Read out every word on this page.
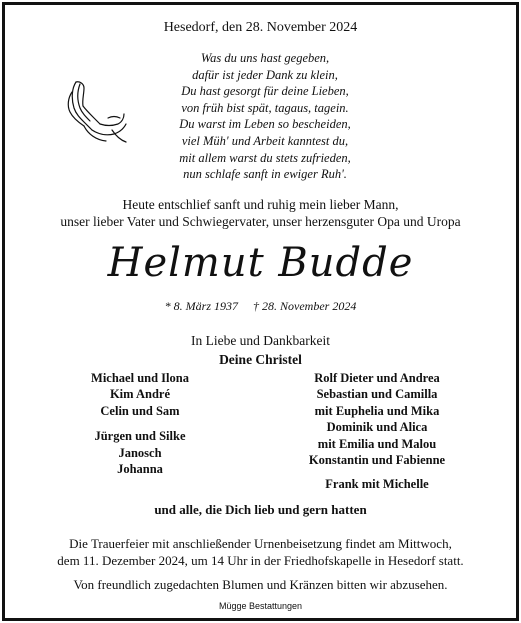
Hesedorf, den 28. November 2024
Was du uns hast gegeben,
dafür ist jeder Dank zu klein,
Du hast gesorgt für deine Lieben,
von früh bist spät, tagaus, tagein.
Du warst im Leben so bescheiden,
viel Müh' und Arbeit kanntest du,
mit allem warst du stets zufrieden,
nun schlafe sanft in ewiger Ruh'.
Heute entschlief sanft und ruhig mein lieber Mann,
unser lieber Vater und Schwiegervater, unser herzensguter Opa und Uropa
Helmut Budde
* 8. März 1937 † 28. November 2024
In Liebe und Dankbarkeit
Deine Christel
Michael und Ilona
Kim André
Celin und Sam
Jürgen und Silke
Janosch
Johanna
Rolf Dieter und Andrea
Sebastian und Camilla
mit Euphelia und Mika
Dominik und Alica
mit Emilia und Malou
Konstantin und Fabienne
Frank mit Michelle
und alle, die Dich lieb und gern hatten
Die Trauerfeier mit anschließender Urnenbeisetzung findet am Mittwoch,
dem 11. Dezember 2024, um 14 Uhr in der Friedhofskapelle in Hesedorf statt.
Von freundlich zugedachten Blumen und Kränzen bitten wir abzusehen.
Mügge Bestattungen
